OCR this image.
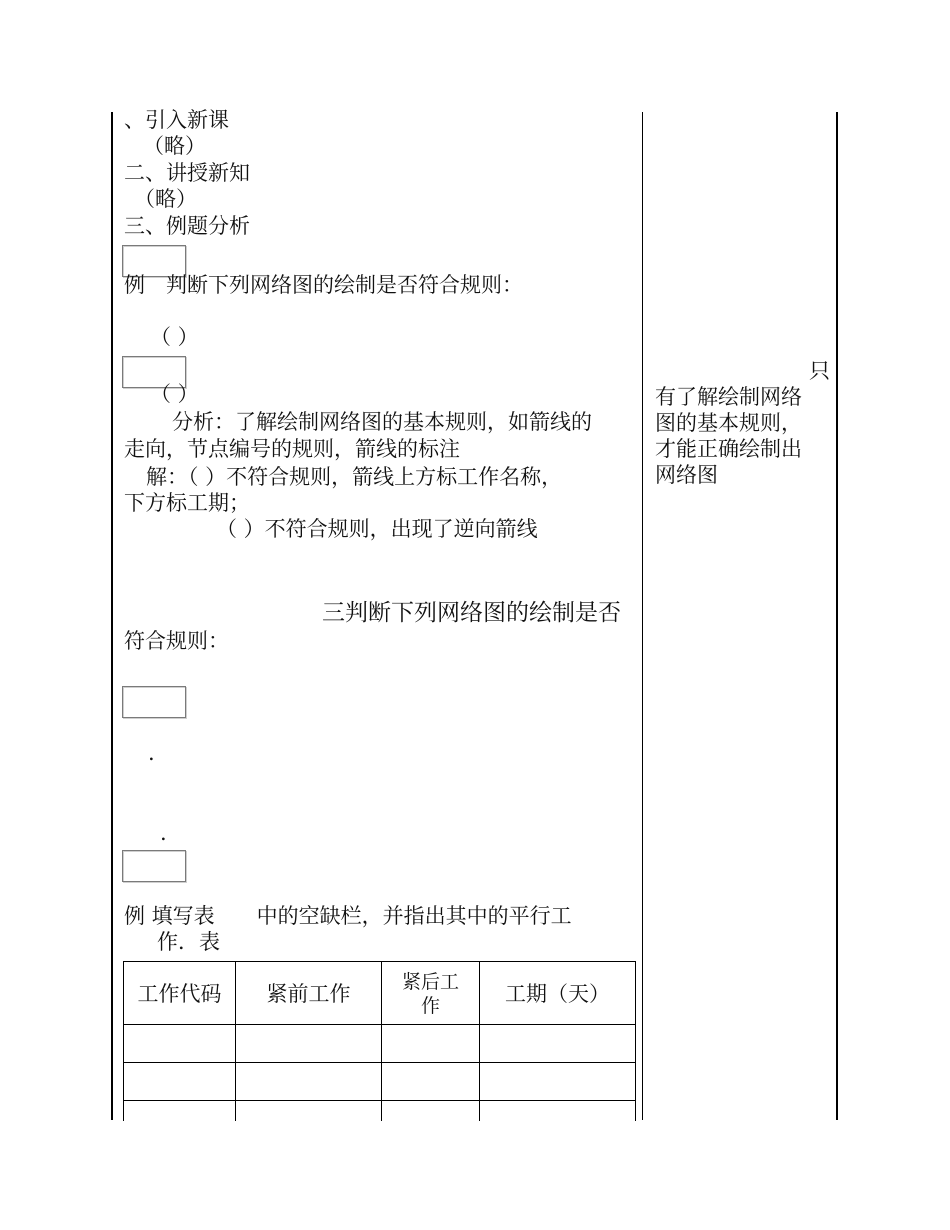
、引入新课
（略）
二、讲授新知
（略）
三、例题分析
例　判断下列网络图的绘制是否符合规则：
（ ）
（ ）
分析：了解绘制网络图的基本规则，如箭线的
走向，节点编号的规则，箭线的标注
解：（ ）不符合规则，箭线上方标工作名称，
下方标工期；
（ ）不符合规则，出现了逆向箭线
三判断下列网络图的绘制是否
符合规则：
.
.
例 填写表　　中的空缺栏，并指出其中的平行工
作．表
工作代码	紧前工作	紧后工
作	工期（天）

只
有了解绘制网络
图的基本规则，
才能正确绘制出
网络图
